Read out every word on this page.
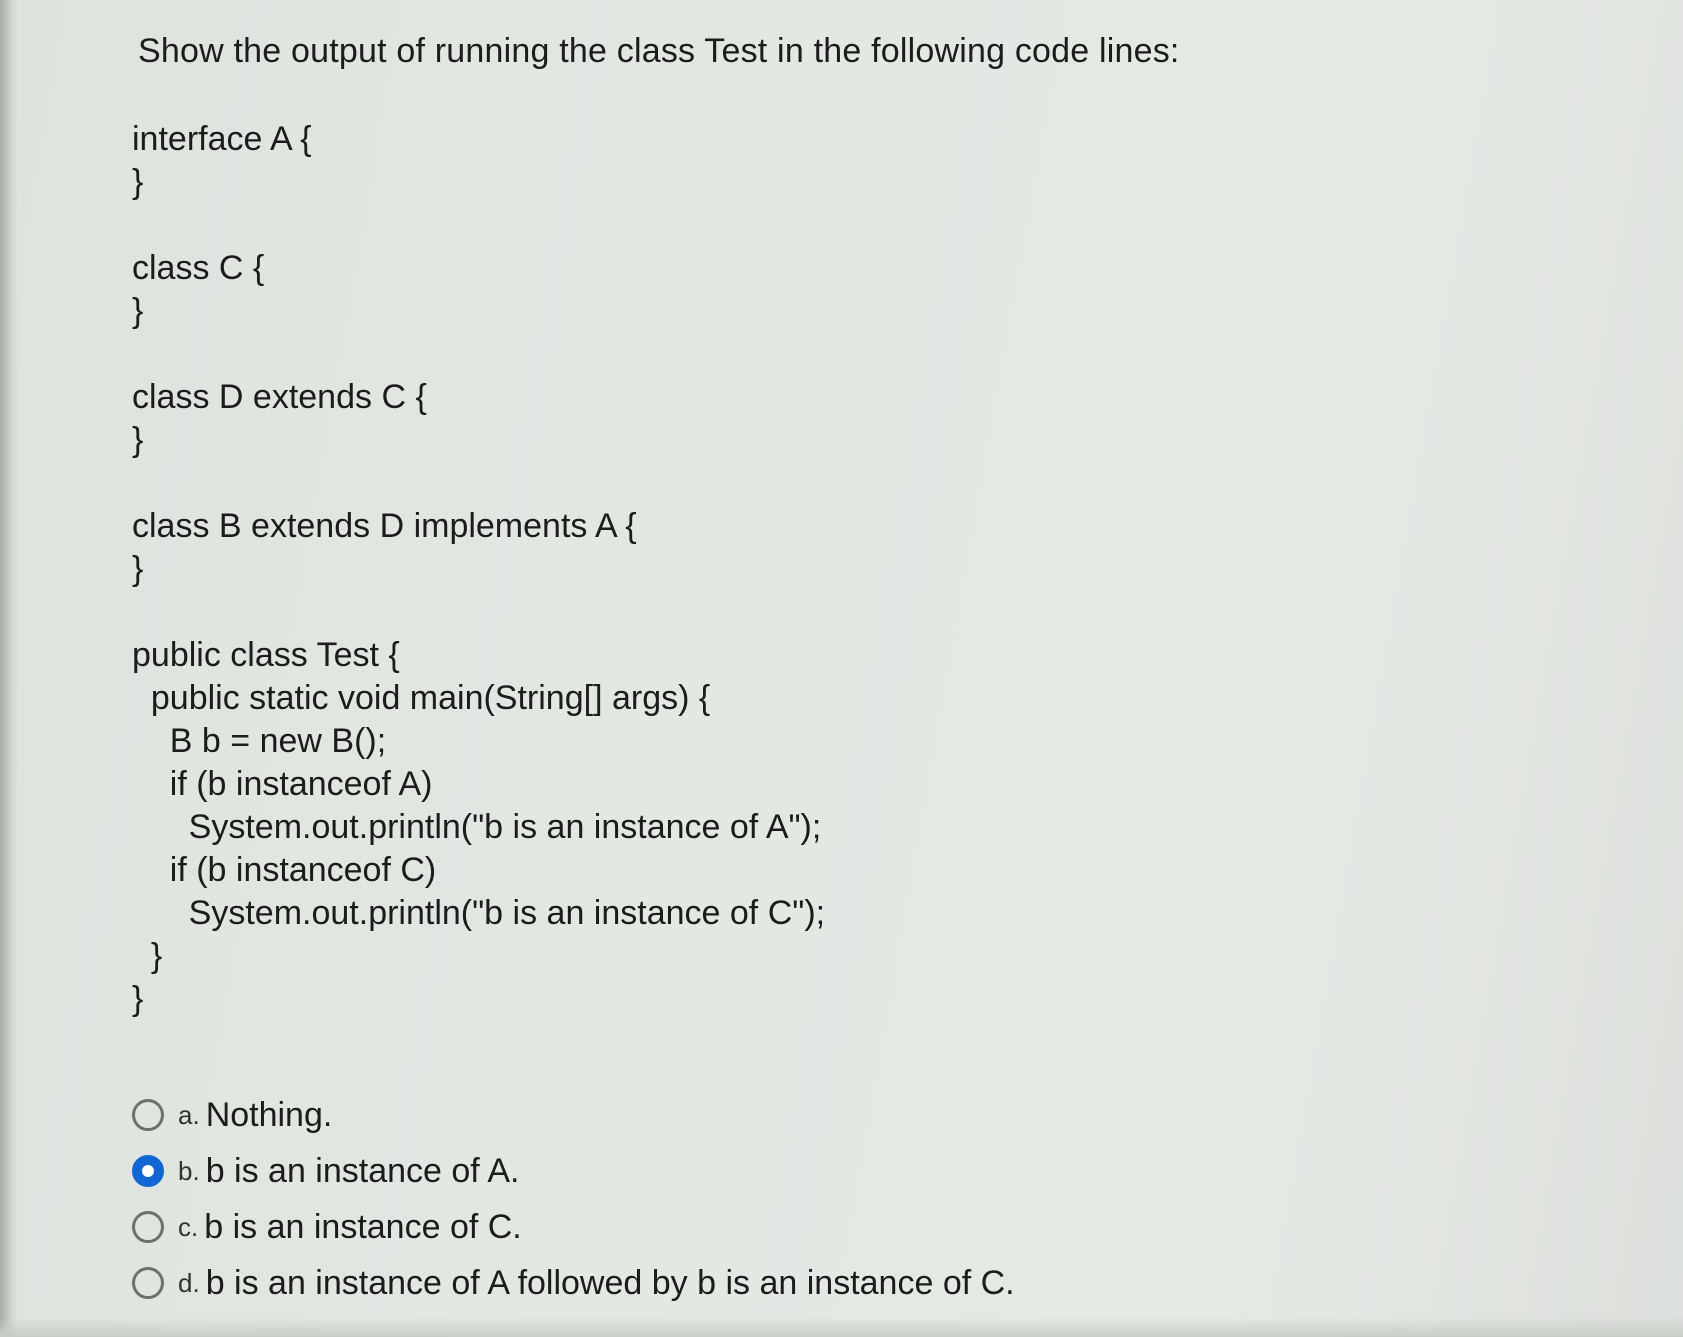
Show the output of running the class Test in the following code lines:
interface A {
}
class C {
}
class D extends C {
}
class B extends D implements A {
}
public class Test {
public static void main(String[] args) {
B b = new B();
if (b instanceof A)
System.out.println("b is an instance of A");
if (b instanceof C)
System.out.println("b is an instance of C");
}
}
a. Nothing.
b. b is an instance of A.
c. b is an instance of C.
d. b is an instance of A followed by b is an instance of C.
